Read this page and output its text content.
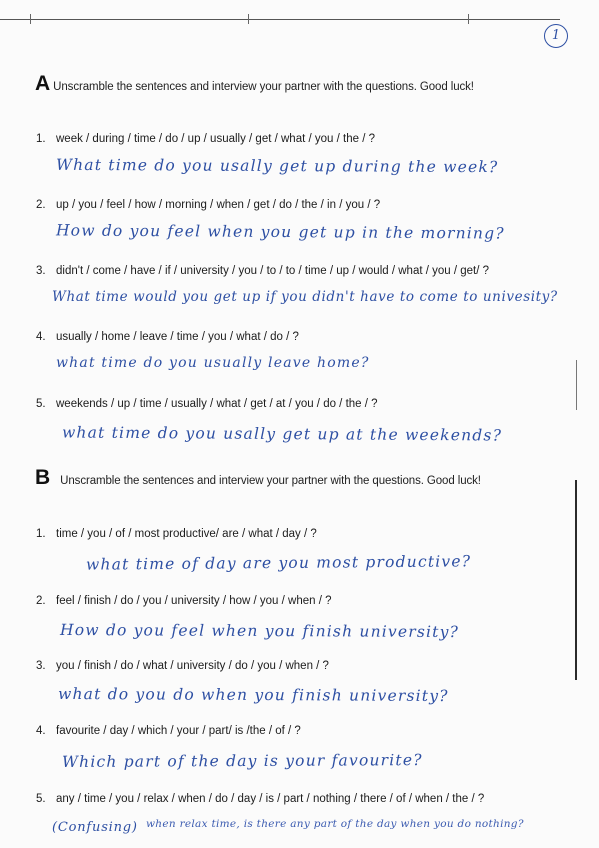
1
A Unscramble the sentences and interview your partner with the questions. Good luck!
1. week / during / time / do / up / usually / get / what / you / the / ?
What time do you usally get up during the week?
2. up / you / feel / how / morning / when / get / do / the / in / you / ?
How do you feel when you get up in the morning?
3. didn't / come / have / if / university / you / to / to / time / up / would / what / you / get/ ?
What time would you get up if you didn't have to come to univesity?
4. usually / home / leave / time / you / what / do / ?
what time do you usually leave home?
5. weekends / up / time / usually / what / get / at / you / do / the / ?
what time do you usally get up at the weekends?
B Unscramble the sentences and interview your partner with the questions. Good luck!
1. time / you / of / most productive/ are / what / day / ?
what time of day are you most productive?
2. feel / finish / do / you / university / how / you / when / ?
How do you feel when you finish university?
3. you / finish / do / what / university / do / you / when / ?
what do you do when you finish university?
4. favourite / day / which / your / part/ is /the / of / ?
Which part of the day is your favourite?
5. any / time / you / relax / when / do / day / is / part / nothing / there / of / when / the / ?
(Confusing) when relax time, is there any part of the day when you do nothing?
